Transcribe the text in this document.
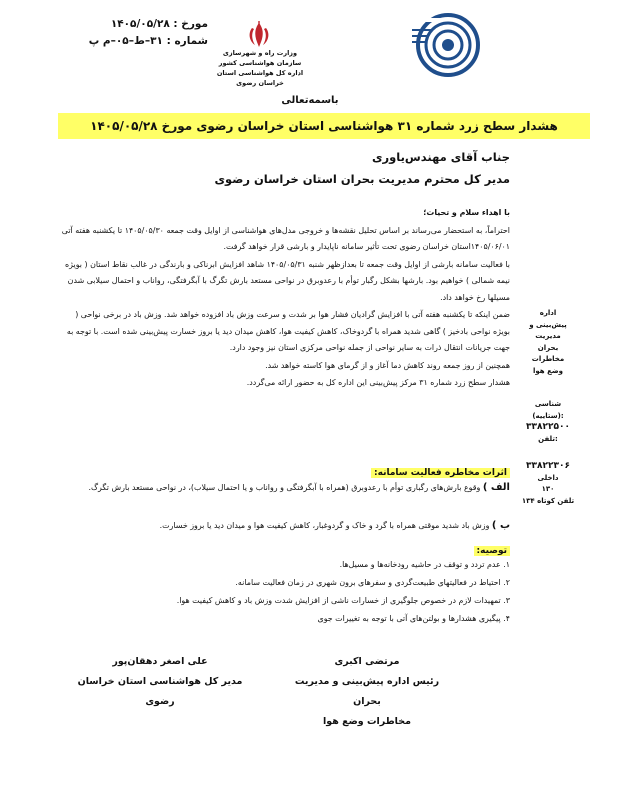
مورخ : ۱۴۰۵/۰۵/۲۸
شماره : ۳۱–ط–۰۵–م پ
وزارت راه و شهرسازی
سازمان هواشناسی کشور
اداره کل هواشناسی استان خراسان رضوی
باسمه‌تعالی
هشدار سطح زرد شماره ۳۱ هواشناسی استان خراسان رضوی مورخ ۱۴۰۵/۰۵/۲۸
جناب آقای مهندس‌یاوری
مدیر کل محترم مدیریت بحران استان خراسان رضوی

با اهداء سلام و تحیات؛

احتراماً، به استحضار می‌رساند بر اساس تحلیل نقشه‌ها و خروجی مدل‌های هواشناسی از اوایل وقت جمعه ۱۴۰۵/۰۵/۳۰ تا یکشنبه هفته آتی ۱۴۰۵/۰۶/۰۱استان خراسان رضوی تحت تأثیر سامانه ناپایدار و بارشی قرار خواهد گرفت.

با فعالیت سامانه بارشی از اوایل وقت جمعه تا بعدازظهر شنبه ۱۴۰۵/۰۵/۳۱ شاهد افزایش ابرناکی و بارندگی در غالب نقاط استان ( بویژه نیمه شمالی ) خواهیم بود. بارشها بشکل رگبار توأم با رعدوبرق در نواحی مستعد بارش تگرگ با آبگرفتگی، رواناب و احتمال سیلابی شدن مسیلها رخ خواهد داد.

ضمن اینکه تا یکشنبه هفته آتی با افزایش گرادیان فشار هوا بر شدت و سرعت وزش باد افزوده خواهد شد. وزش باد در برخی نواحی ( بویژه نواحی بادخیز ) گاهی شدید همراه با گردوخاک، کاهش کیفیت هوا، کاهش میدان دید یا بروز خسارت پیش‌بینی شده است. با توجه به جهت جریانات انتقال ذرات به سایر نواحی از جمله نواحی مرکزی استان نیز وجود دارد.

همچنین از روز جمعه روند کاهش دما آغاز و از گرمای هوا کاسته خواهد شد.

هشدار سطح زرد شماره ۳۱ مرکز پیش‌بینی این اداره کل به حضور ارائه می‌گردد.

اداره
پیش‌بینی و
مدیریت
بحران
مخاطرات
وضع هوا
شناسی (ستاییه):
۳۳۸۲۲۵۰۰
تلفن:
۳۳۸۲۲۳۰۶
داخلی
۱۳۰
تلفن کوتاه ۱۳۴
اثرات مخاطره فعالیت سامانه:
الف ) وقوع بارش‌های رگباری توأم با رعدوبرق (همراه با آبگرفتگی و رواناب و یا احتمال سیلاب)، در نواحی مستعد بارش تگرگ.
ب ) وزش باد شدید موقتی همراه با گرد و خاک و گردوغبار، کاهش کیفیت هوا و میدان دید یا بروز خسارت.
توصیه:
۱. عدم تردد و توقف در حاشیه رودخانه‌ها و مسیل‌ها.
۲. احتیاط در فعالیتهای طبیعت‌گردی و سفرهای برون شهری در زمان فعالیت سامانه.
۳. تمهیدات لازم در خصوص جلوگیری از خسارات ناشی از افزایش شدت وزش باد و کاهش کیفیت هوا.
۴. پیگیری هشدارها و بولتن‌های آتی با توجه به تغییرات جوی
مرتضی اکبری
رئیس اداره پیش‌بینی و مدیریت بحران
مخاطرات وضع هوا
علی اصغر دهقان‌پور
مدیر کل هواشناسی استان خراسان رضوی
